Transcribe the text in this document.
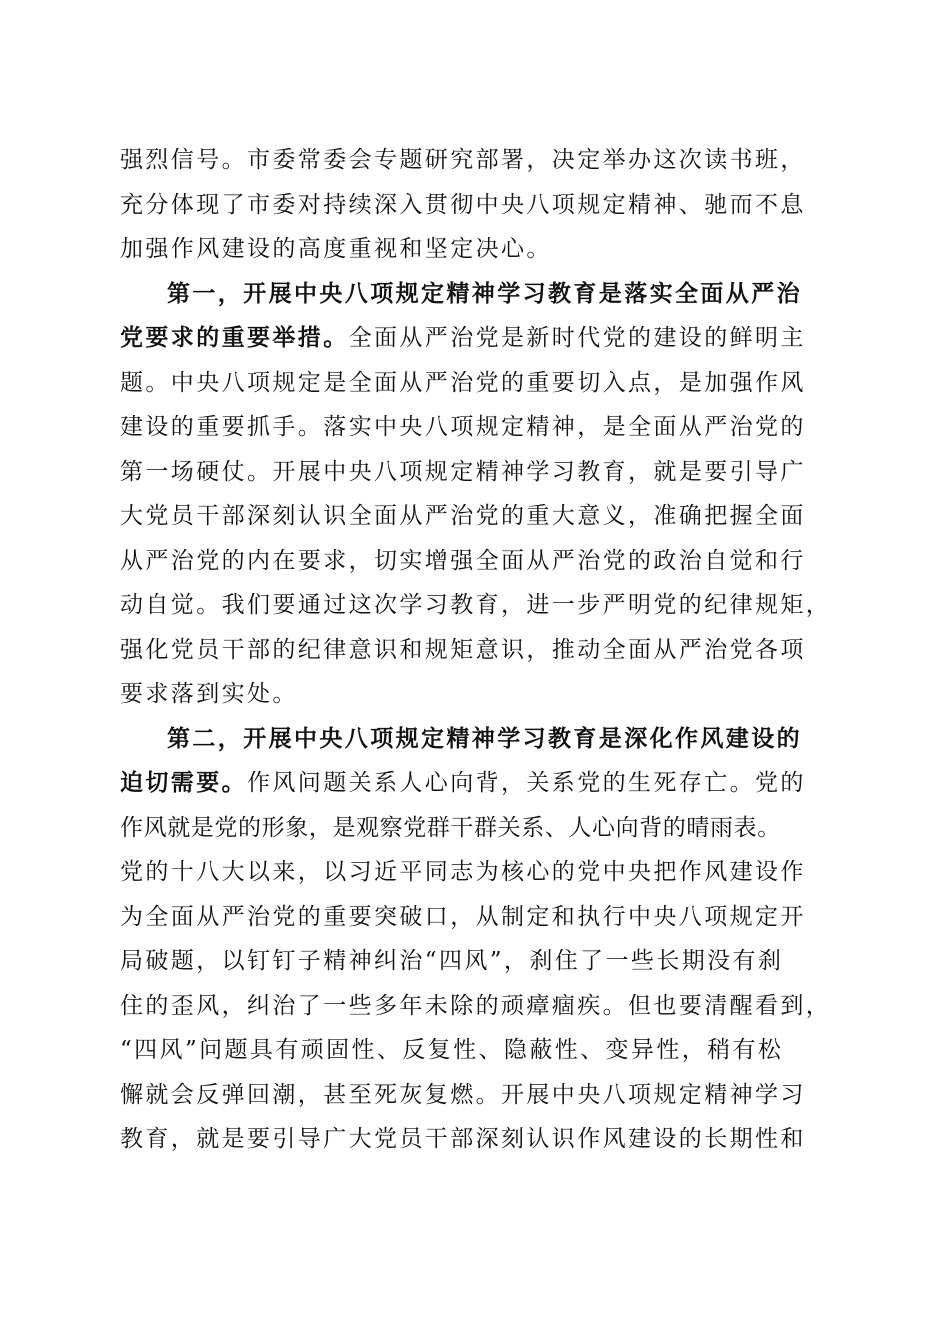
强烈信号。市委常委会专题研究部署，决定举办这次读书班，
充分体现了市委对持续深入贯彻中央八项规定精神、驰而不息
加强作风建设的高度重视和坚定决心。
第一，开展中央八项规定精神学习教育是落实全面从严治
党要求的重要举措。全面从严治党是新时代党的建设的鲜明主
题。中央八项规定是全面从严治党的重要切入点，是加强作风
建设的重要抓手。落实中央八项规定精神，是全面从严治党的
第一场硬仗。开展中央八项规定精神学习教育，就是要引导广
大党员干部深刻认识全面从严治党的重大意义，准确把握全面
从严治党的内在要求，切实增强全面从严治党的政治自觉和行
动自觉。我们要通过这次学习教育，进一步严明党的纪律规矩，
强化党员干部的纪律意识和规矩意识，推动全面从严治党各项
要求落到实处。
第二，开展中央八项规定精神学习教育是深化作风建设的
迫切需要。作风问题关系人心向背，关系党的生死存亡。党的
作风就是党的形象，是观察党群干群关系、人心向背的晴雨表。
党的十八大以来，以习近平同志为核心的党中央把作风建设作
为全面从严治党的重要突破口，从制定和执行中央八项规定开
局破题，以钉钉子精神纠治“四风”，刹住了一些长期没有刹
住的歪风，纠治了一些多年未除的顽瘴痼疾。但也要清醒看到，
“四风”问题具有顽固性、反复性、隐蔽性、变异性，稍有松
懈就会反弹回潮，甚至死灰复燃。开展中央八项规定精神学习
教育，就是要引导广大党员干部深刻认识作风建设的长期性和
